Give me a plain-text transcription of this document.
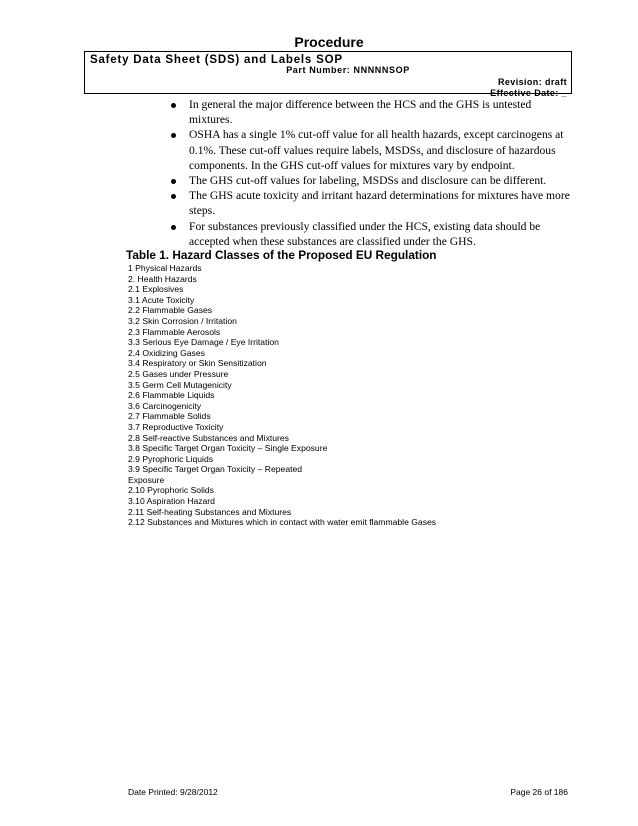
Procedure
Safety Data Sheet (SDS) and Labels SOP
Part Number: NNNNNSOP
Revision: draft
Effective Date: _
In general the major difference between the HCS and the GHS is untested mixtures.
OSHA has a single 1% cut-off value for all health hazards, except carcinogens at 0.1%. These cut-off values require labels, MSDSs, and disclosure of hazardous components. In the GHS cut-off values for mixtures vary by endpoint.
The GHS cut-off values for labeling, MSDSs and disclosure can be different.
The GHS acute toxicity and irritant hazard determinations for mixtures have more steps.
For substances previously classified under the HCS, existing data should be accepted when these substances are classified under the GHS.
Table 1. Hazard Classes of the Proposed EU Regulation
1 Physical Hazards
2. Health Hazards
2.1 Explosives
3.1 Acute Toxicity
2.2 Flammable Gases
3.2 Skin Corrosion / Irritation
2.3 Flammable Aerosols
3.3 Serious Eye Damage / Eye Irritation
2.4 Oxidizing Gases
3.4 Respiratory or Skin Sensitization
2.5 Gases under Pressure
3.5 Germ Cell Mutagenicity
2.6 Flammable Liquids
3.6 Carcinogenicity
2.7 Flammable Solids
3.7 Reproductive Toxicity
2.8 Self-reactive Substances and Mixtures
3.8 Specific Target Organ Toxicity – Single Exposure
2.9 Pyrophoric Liquids
3.9 Specific Target Organ Toxicity – Repeated
Exposure
2.10 Pyrophoric Solids
3.10 Aspiration Hazard
2.11 Self-heating Substances and Mixtures
2.12 Substances and Mixtures which in contact with water emit flammable Gases
Date Printed: 9/28/2012	Page 26 of 186
